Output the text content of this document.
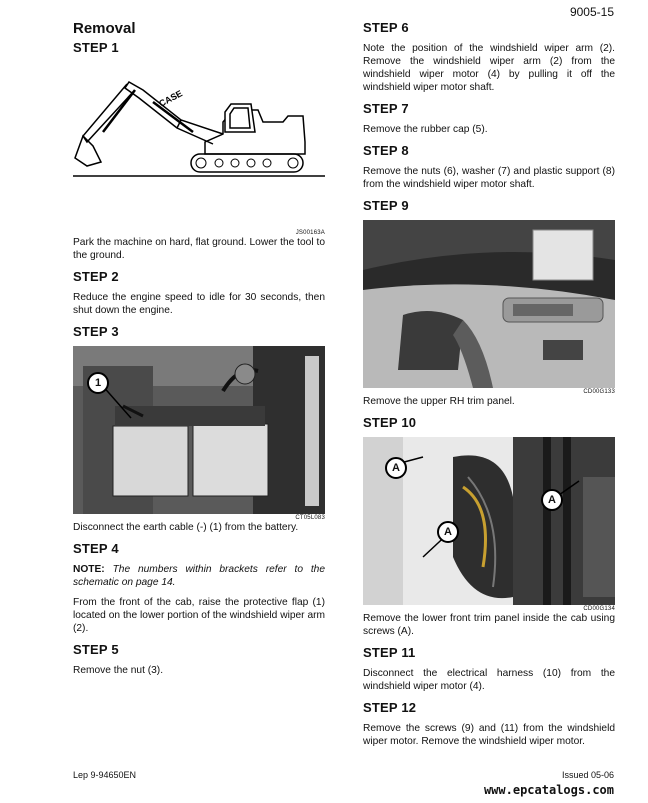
9005-15
Removal
STEP 1
CASE
JS00163A

Park the machine on hard, flat ground. Lower the tool to the ground.

STEP 2

Reduce the engine speed to idle for 30 seconds, then shut down the engine.

STEP 3
1
CT05L083

Disconnect the earth cable (-) (1) from the battery.

STEP 4

NOTE: The numbers within brackets refer to the schematic on page 14.

From the front of the cab, raise the protective flap (1) located on the lower portion of the windshield wiper arm (2).

STEP 5

Remove the nut (3).

STEP 6

Note the position of the windshield wiper arm (2). Remove the windshield wiper arm (2) from the windshield wiper motor (4) by pulling it off the windshield wiper motor shaft.

STEP 7

Remove the rubber cap (5).

STEP 8

Remove the nuts (6), washer (7) and plastic support (8) from the windshield wiper motor shaft.

STEP 9
CD00G133

Remove the upper RH trim panel.

STEP 10
A
A
A
CD00G134

Remove the lower front trim panel inside the cab using screws (A).

STEP 11

Disconnect the electrical harness (10) from the windshield wiper motor (4).

STEP 12

Remove the screws (9) and (11) from the windshield wiper motor. Remove the windshield wiper motor.

Lep 9-94650EN	Issued 05-06
www.epcatalogs.com
